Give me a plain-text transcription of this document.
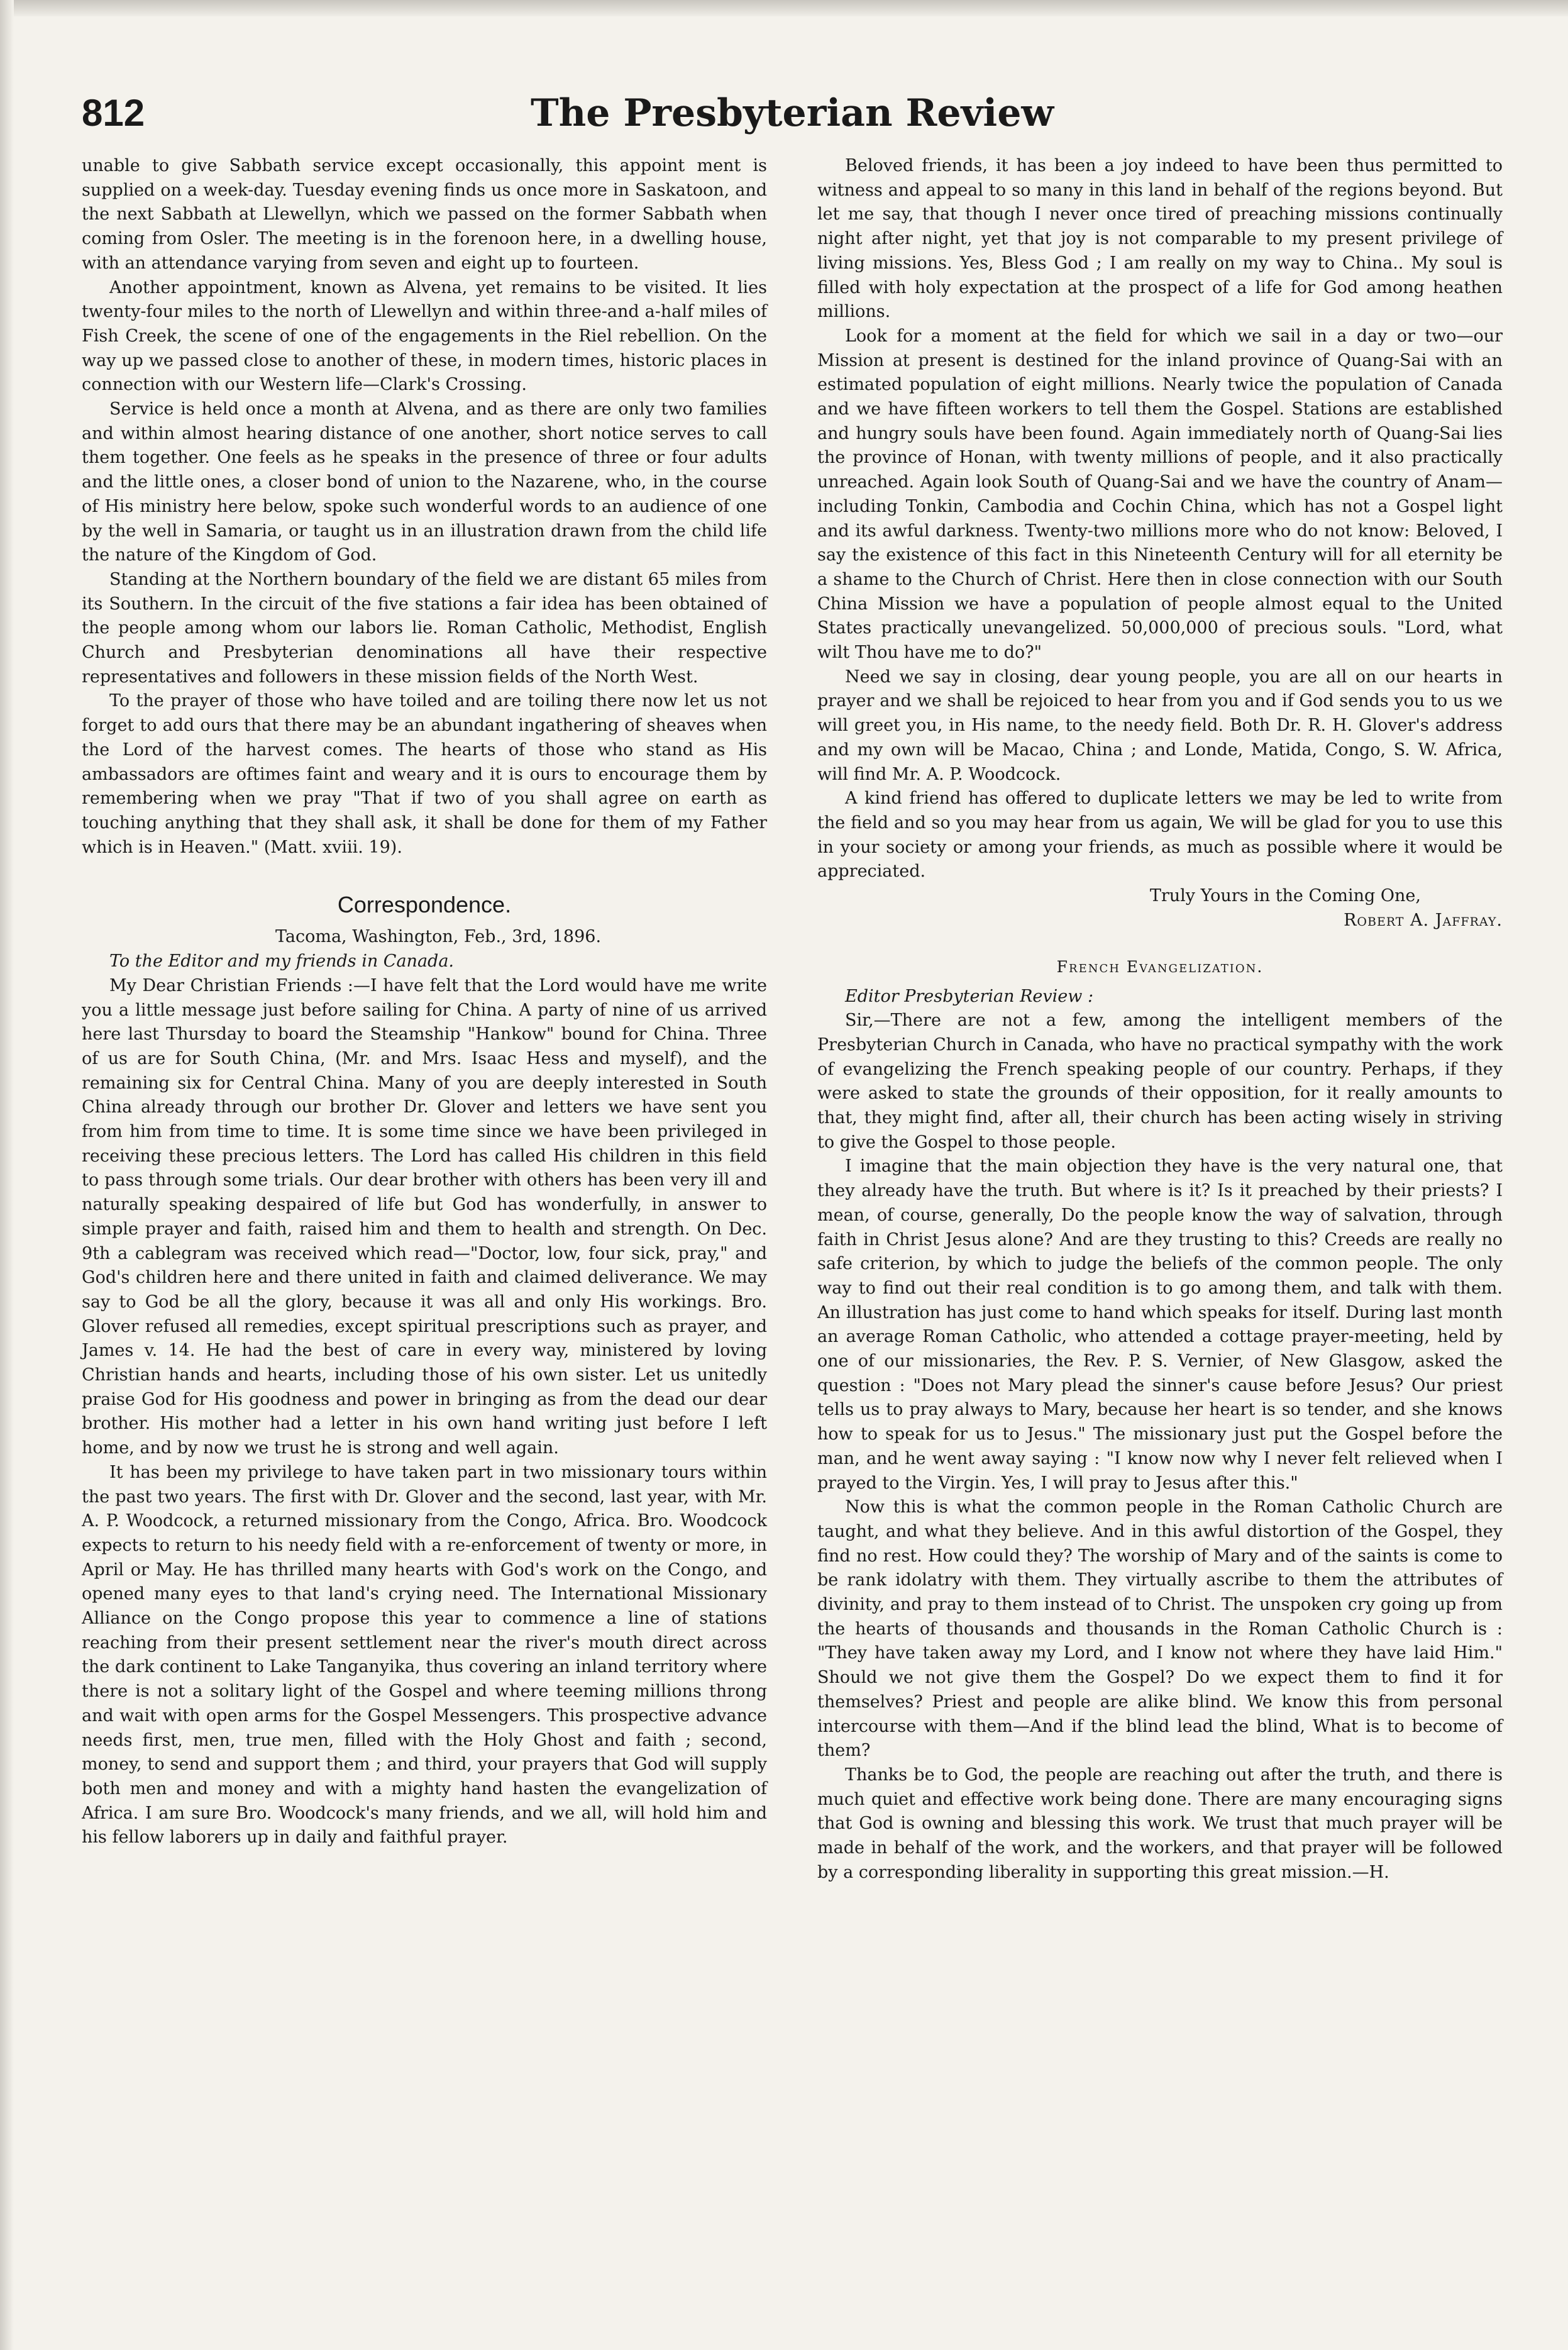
812	The Presbyterian Review

unable to give Sabbath service except occasionally, this appoint ment is supplied on a week-day. Tuesday evening finds us once more in Saskatoon, and the next Sabbath at Llewellyn, which we passed on the former Sabbath when coming from Osler. The meeting is in the forenoon here, in a dwelling house, with an attendance varying from seven and eight up to fourteen.

Another appointment, known as Alvena, yet remains to be visited. It lies twenty-four miles to the north of Llewellyn and within three-and a-half miles of Fish Creek, the scene of one of the engagements in the Riel rebellion. On the way up we passed close to another of these, in modern times, historic places in connection with our Western life—Clark's Crossing.

Service is held once a month at Alvena, and as there are only two families and within almost hearing distance of one another, short notice serves to call them together. One feels as he speaks in the presence of three or four adults and the little ones, a closer bond of union to the Nazarene, who, in the course of His ministry here below, spoke such wonderful words to an audience of one by the well in Samaria, or taught us in an illustration drawn from the child life the nature of the Kingdom of God.

Standing at the Northern boundary of the field we are distant 65 miles from its Southern. In the circuit of the five stations a fair idea has been obtained of the people among whom our labors lie. Roman Catholic, Methodist, English Church and Presbyterian denominations all have their respective representatives and followers in these mission fields of the North West.

To the prayer of those who have toiled and are toiling there now let us not forget to add ours that there may be an abundant ingathering of sheaves when the Lord of the harvest comes. The hearts of those who stand as His ambassadors are oftimes faint and weary and it is ours to encourage them by remembering when we pray "That if two of you shall agree on earth as touching anything that they shall ask, it shall be done for them of my Father which is in Heaven." (Matt. xviii. 19).

Correspondence.

Tacoma, Washington, Feb., 3rd, 1896.

To the Editor and my friends in Canada.

My Dear Christian Friends :—I have felt that the Lord would have me write you a little message just before sailing for China. A party of nine of us arrived here last Thursday to board the Steamship "Hankow" bound for China. Three of us are for South China, (Mr. and Mrs. Isaac Hess and myself), and the remaining six for Central China. Many of you are deeply interested in South China already through our brother Dr. Glover and letters we have sent you from him from time to time. It is some time since we have been privileged in receiving these precious letters. The Lord has called His children in this field to pass through some trials. Our dear brother with others has been very ill and naturally speaking despaired of life but God has wonderfully, in answer to simple prayer and faith, raised him and them to health and strength. On Dec. 9th a cablegram was received which read—"Doctor, low, four sick, pray," and God's children here and there united in faith and claimed deliverance. We may say to God be all the glory, because it was all and only His workings. Bro. Glover refused all remedies, except spiritual prescriptions such as prayer, and James v. 14. He had the best of care in every way, ministered by loving Christian hands and hearts, including those of his own sister. Let us unitedly praise God for His goodness and power in bringing as from the dead our dear brother. His mother had a letter in his own hand writing just before I left home, and by now we trust he is strong and well again.

It has been my privilege to have taken part in two missionary tours within the past two years. The first with Dr. Glover and the second, last year, with Mr. A. P. Woodcock, a returned missionary from the Congo, Africa. Bro. Woodcock expects to return to his needy field with a re-enforcement of twenty or more, in April or May. He has thrilled many hearts with God's work on the Congo, and opened many eyes to that land's crying need. The International Missionary Alliance on the Congo propose this year to commence a line of stations reaching from their present settlement near the river's mouth direct across the dark continent to Lake Tanganyika, thus covering an inland territory where there is not a solitary light of the Gospel and where teeming millions throng and wait with open arms for the Gospel Messengers. This prospective advance needs first, men, true men, filled with the Holy Ghost and faith ; second, money, to send and support them ; and third, your prayers that God will supply both men and money and with a mighty hand hasten the evangelization of Africa. I am sure Bro. Woodcock's many friends, and we all, will hold him and his fellow laborers up in daily and faithful prayer.

Beloved friends, it has been a joy indeed to have been thus permitted to witness and appeal to so many in this land in behalf of the regions beyond. But let me say, that though I never once tired of preaching missions continually night after night, yet that joy is not comparable to my present privilege of living missions. Yes, Bless God ; I am really on my way to China.. My soul is filled with holy expectation at the prospect of a life for God among heathen millions.

Look for a moment at the field for which we sail in a day or two—our Mission at present is destined for the inland province of Quang-Sai with an estimated population of eight millions. Nearly twice the population of Canada and we have fifteen workers to tell them the Gospel. Stations are established and hungry souls have been found. Again immediately north of Quang-Sai lies the province of Honan, with twenty millions of people, and it also practically unreached. Again look South of Quang-Sai and we have the country of Anam—including Tonkin, Cambodia and Cochin China, which has not a Gospel light and its awful darkness. Twenty-two millions more who do not know: Beloved, I say the existence of this fact in this Nineteenth Century will for all eternity be a shame to the Church of Christ. Here then in close connection with our South China Mission we have a population of people almost equal to the United States practically unevangelized. 50,000,000 of precious souls. "Lord, what wilt Thou have me to do?"

Need we say in closing, dear young people, you are all on our hearts in prayer and we shall be rejoiced to hear from you and if God sends you to us we will greet you, in His name, to the needy field. Both Dr. R. H. Glover's address and my own will be Macao, China ; and Londe, Matida, Congo, S. W. Africa, will find Mr. A. P. Woodcock.

A kind friend has offered to duplicate letters we may be led to write from the field and so you may hear from us again, We will be glad for you to use this in your society or among your friends, as much as possible where it would be appreciated.

Truly Yours in the Coming One,

Robert A. Jaffray.

French Evangelization.

Editor Presbyterian Review :

Sir,—There are not a few, among the intelligent members of the Presbyterian Church in Canada, who have no practical sympathy with the work of evangelizing the French speaking people of our country. Perhaps, if they were asked to state the grounds of their opposition, for it really amounts to that, they might find, after all, their church has been acting wisely in striving to give the Gospel to those people.

I imagine that the main objection they have is the very natural one, that they already have the truth. But where is it? Is it preached by their priests? I mean, of course, generally, Do the people know the way of salvation, through faith in Christ Jesus alone? And are they trusting to this? Creeds are really no safe criterion, by which to judge the beliefs of the common people. The only way to find out their real condition is to go among them, and talk with them. An illustration has just come to hand which speaks for itself. During last month an average Roman Catholic, who attended a cottage prayer-meeting, held by one of our missionaries, the Rev. P. S. Vernier, of New Glasgow, asked the question : "Does not Mary plead the sinner's cause before Jesus? Our priest tells us to pray always to Mary, because her heart is so tender, and she knows how to speak for us to Jesus." The missionary just put the Gospel before the man, and he went away saying : "I know now why I never felt relieved when I prayed to the Virgin. Yes, I will pray to Jesus after this."

Now this is what the common people in the Roman Catholic Church are taught, and what they believe. And in this awful distortion of the Gospel, they find no rest. How could they? The worship of Mary and of the saints is come to be rank idolatry with them. They virtually ascribe to them the attributes of divinity, and pray to them instead of to Christ. The unspoken cry going up from the hearts of thousands and thousands in the Roman Catholic Church is : "They have taken away my Lord, and I know not where they have laid Him." Should we not give them the Gospel? Do we expect them to find it for themselves? Priest and people are alike blind. We know this from personal intercourse with them—And if the blind lead the blind, What is to become of them?

Thanks be to God, the people are reaching out after the truth, and there is much quiet and effective work being done. There are many encouraging signs that God is owning and blessing this work. We trust that much prayer will be made in behalf of the work, and the workers, and that prayer will be followed by a corresponding liberality in supporting this great mission.—H.
